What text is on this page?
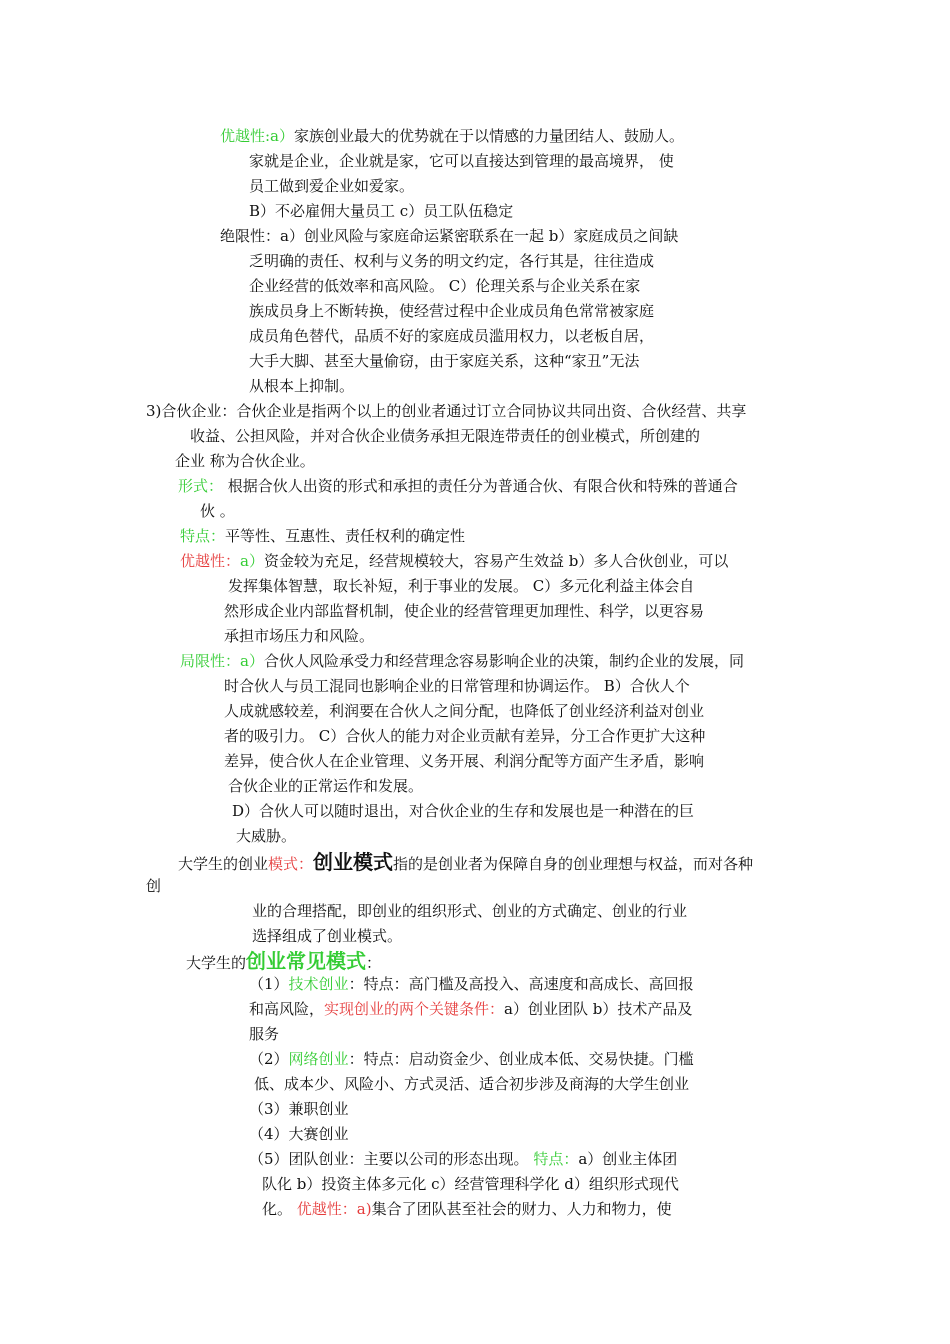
优越性:a）家族创业最大的优势就在于以情感的力量团结人、鼓励人。
家就是企业，企业就是家，它可以直接达到管理的最高境界， 使
员工做到爱企业如爱家。
B）不必雇佣大量员工 c）员工队伍稳定
绝限性：a）创业风险与家庭命运紧密联系在一起 b）家庭成员之间缺
乏明确的责任、权利与义务的明文约定，各行其是，往往造成
企业经营的低效率和高风险。 C）伦理关系与企业关系在家
族成员身上不断转换，使经营过程中企业成员角色常常被家庭
成员角色替代，品质不好的家庭成员滥用权力，以老板自居，
大手大脚、甚至大量偷窃，由于家庭关系，这种“家丑”无法
从根本上抑制。
3)合伙企业：合伙企业是指两个以上的创业者通过订立合同协议共同出资、合伙经营、共享
收益、公担风险，并对合伙企业债务承担无限连带责任的创业模式，所创建的
企业 称为合伙企业。
形式： 根据合伙人出资的形式和承担的责任分为普通合伙、有限合伙和特殊的普通合
伙 。
特点：平等性、互惠性、责任权利的确定性
优越性：a）资金较为充足，经营规模较大，容易产生效益 b）多人合伙创业，可以
发挥集体智慧，取长补短，利于事业的发展。 C）多元化利益主体会自
然形成企业内部监督机制，使企业的经营管理更加理性、科学，以更容易
承担市场压力和风险。
局限性：a）合伙人风险承受力和经营理念容易影响企业的决策，制约企业的发展，同
时合伙人与员工混同也影响企业的日常管理和协调运作。 B）合伙人个
人成就感较差，利润要在合伙人之间分配，也降低了创业经济利益对创业
者的吸引力。 C）合伙人的能力对企业贡献有差异，分工合作更扩大这种
差异，使合伙人在企业管理、义务开展、利润分配等方面产生矛盾，影响
合伙企业的正常运作和发展。
D）合伙人可以随时退出，对合伙企业的生存和发展也是一种潜在的巨
大威胁。
大学生的创业模式：创业模式指的是创业者为保障自身的创业理想与权益，而对各种
创
业的合理搭配，即创业的组织形式、创业的方式确定、创业的行业
选择组成了创业模式。
大学生的创业常见模式：
（1）技术创业：特点：高门槛及高投入、高速度和高成长、高回报
和高风险，实现创业的两个关键条件：a）创业团队 b）技术产品及
服务
（2）网络创业：特点：启动资金少、创业成本低、交易快捷。门槛
低、成本少、风险小、方式灵活、适合初步涉及商海的大学生创业
（3）兼职创业
（4）大赛创业
（5）团队创业：主要以公司的形态出现。 特点：a）创业主体团
队化 b）投资主体多元化 c）经营管理科学化 d）组织形式现代
化。 优越性：a)集合了团队甚至社会的财力、人力和物力，使
